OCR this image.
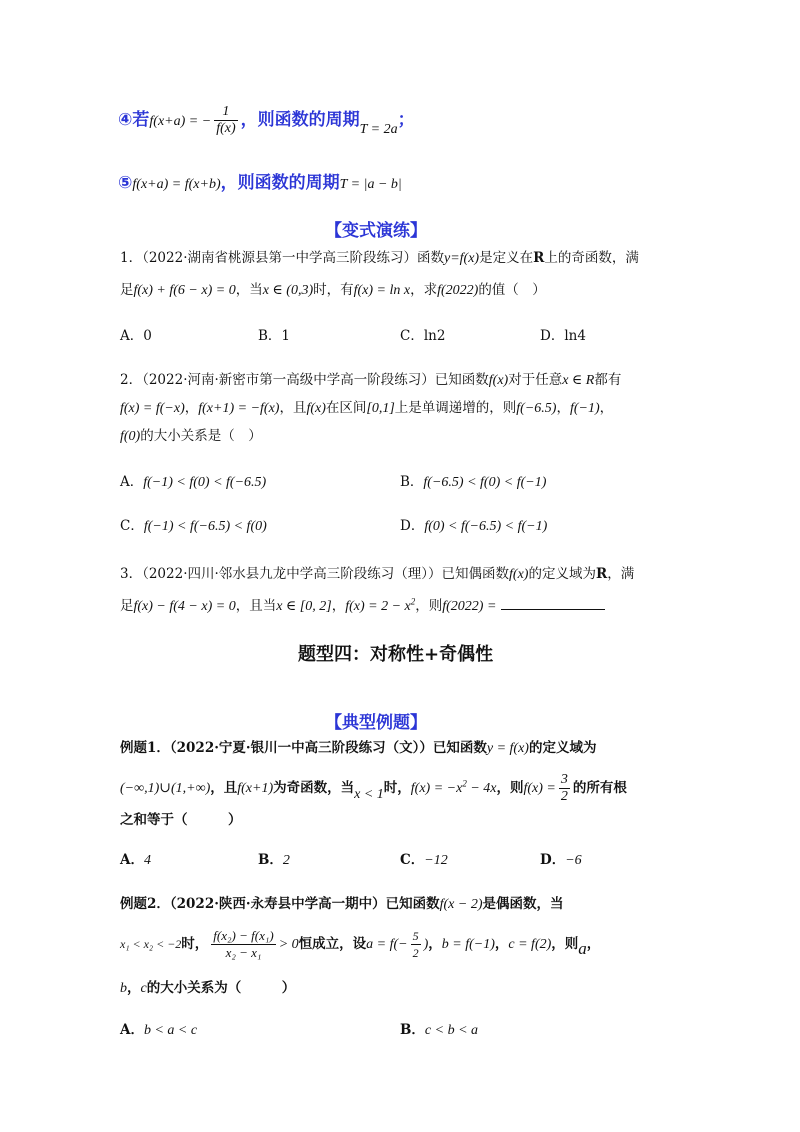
④若f(x+a) = − $\frac{1}{f(x)}$ ，则函数的周期$_{T = 2a}$；
⑤f(x+a) = f(x+b)，则函数的周期T = |a − b|
【变式演练】
1．（2022·湖南省桃源县第一中学高三阶段练习）函数y=f(x)是定义在R上的奇函数，满
足f(x) + f(6 − x) = 0，当x ∈ (0,3)时，有f(x) = ln x，求f(2022)的值（　）
A．0	B．1	C．ln2	D．ln4
2．（2022·河南·新密市第一高级中学高一阶段练习）已知函数f(x)对于任意x ∈ R都有
f(x) = f(−x)，f(x+1) = −f(x)，且f(x)在区间[0,1]上是单调递增的，则f(−6.5)，f(−1)，
f(0)的大小关系是（　）
A．f(−1) < f(0) < f(−6.5)	B．f(−6.5) < f(0) < f(−1)
C．f(−1) < f(−6.5) < f(0)	D．f(0) < f(−6.5) < f(−1)
3．（2022·四川·邻水县九龙中学高三阶段练习（理））已知偶函数f(x)的定义域为R，满
足f(x) − f(4 − x) = 0，且当x ∈ [0, 2]，$f(x) = 2 - x^2$，则f(2022) =
题型四：对称性+奇偶性
【典型例题】
例题1．（2022·宁夏·银川一中高三阶段练习（文））已知函数y = f(x)的定义域为
(−∞,1)∪(1,+∞)，且f(x+1)为奇函数，当x < 1时，$f(x) = -x^2 - 4x$，则$f(x) = \frac{3}{2}$ 的所有根
之和等于（　　　）
A．4	B．2	C．−12	D．−6
例题2．（2022·陕西·永寿县中学高一期中）已知函数f(x − 2)是偶函数，当
x₁ < x₂ < −2时， $\frac{\text{f(x₂) − f(x₁)}}{\text{x₂ − x₁}} > 0$恒成立，设$a = f(- \frac{5}{2}$ )，b = f(−1)，c = f(2)，则a，
b，c的大小关系为（　　　）
A．b < a < c	B．c < b < a
